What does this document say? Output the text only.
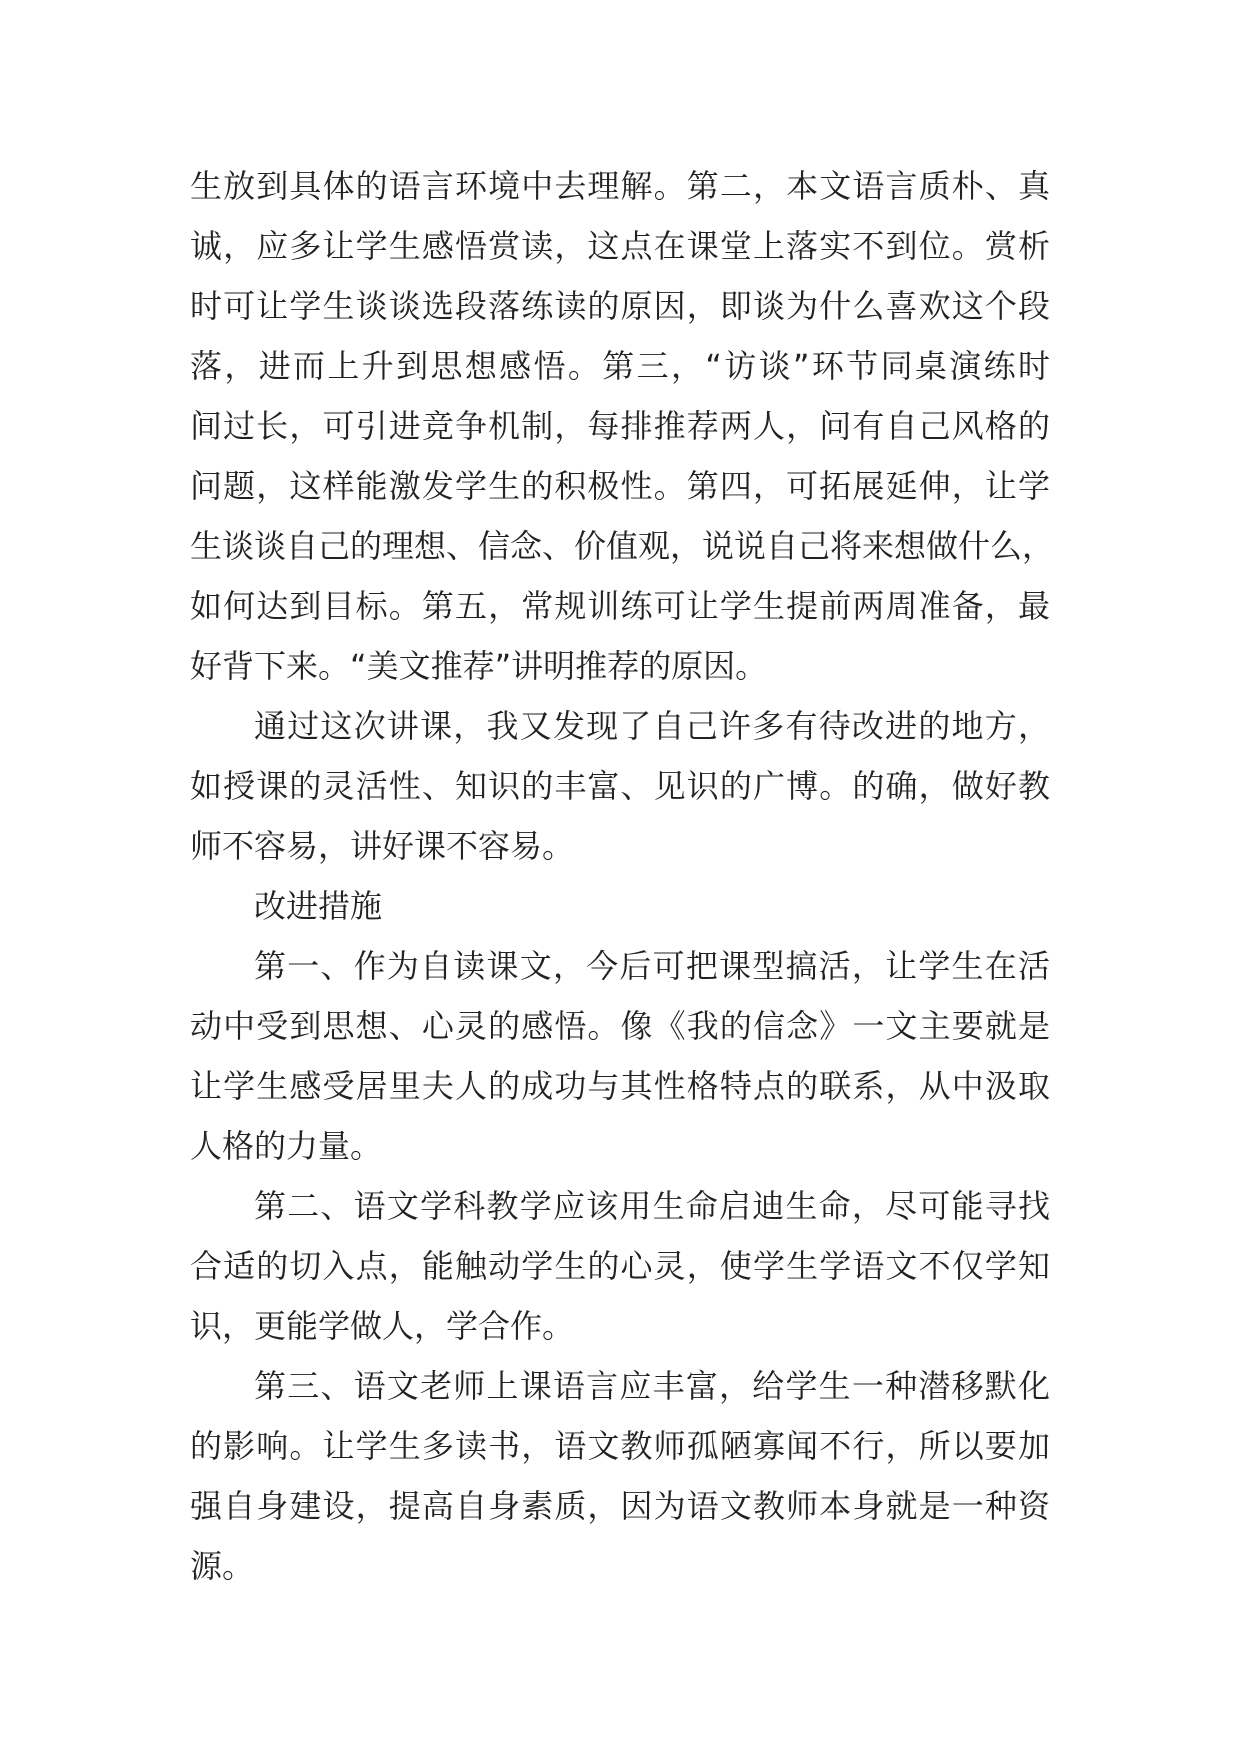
生放到具体的语言环境中去理解。第二，本文语言质朴、真
诚，应多让学生感悟赏读，这点在课堂上落实不到位。赏析
时可让学生谈谈选段落练读的原因，即谈为什么喜欢这个段
落，进而上升到思想感悟。第三，“访谈”环节同桌演练时
间过长，可引进竞争机制，每排推荐两人，问有自己风格的
问题，这样能激发学生的积极性。第四，可拓展延伸，让学
生谈谈自己的理想、信念、价值观，说说自己将来想做什么，
如何达到目标。第五，常规训练可让学生提前两周准备，最
好背下来。“美文推荐”讲明推荐的原因。
通过这次讲课，我又发现了自己许多有待改进的地方，
如授课的灵活性、知识的丰富、见识的广博。的确，做好教
师不容易，讲好课不容易。
改进措施
第一、作为自读课文，今后可把课型搞活，让学生在活
动中受到思想、心灵的感悟。像《我的信念》一文主要就是
让学生感受居里夫人的成功与其性格特点的联系，从中汲取
人格的力量。
第二、语文学科教学应该用生命启迪生命，尽可能寻找
合适的切入点，能触动学生的心灵，使学生学语文不仅学知
识，更能学做人，学合作。
第三、语文老师上课语言应丰富，给学生一种潜移默化
的影响。让学生多读书，语文教师孤陋寡闻不行，所以要加
强自身建设，提高自身素质，因为语文教师本身就是一种资
源。
